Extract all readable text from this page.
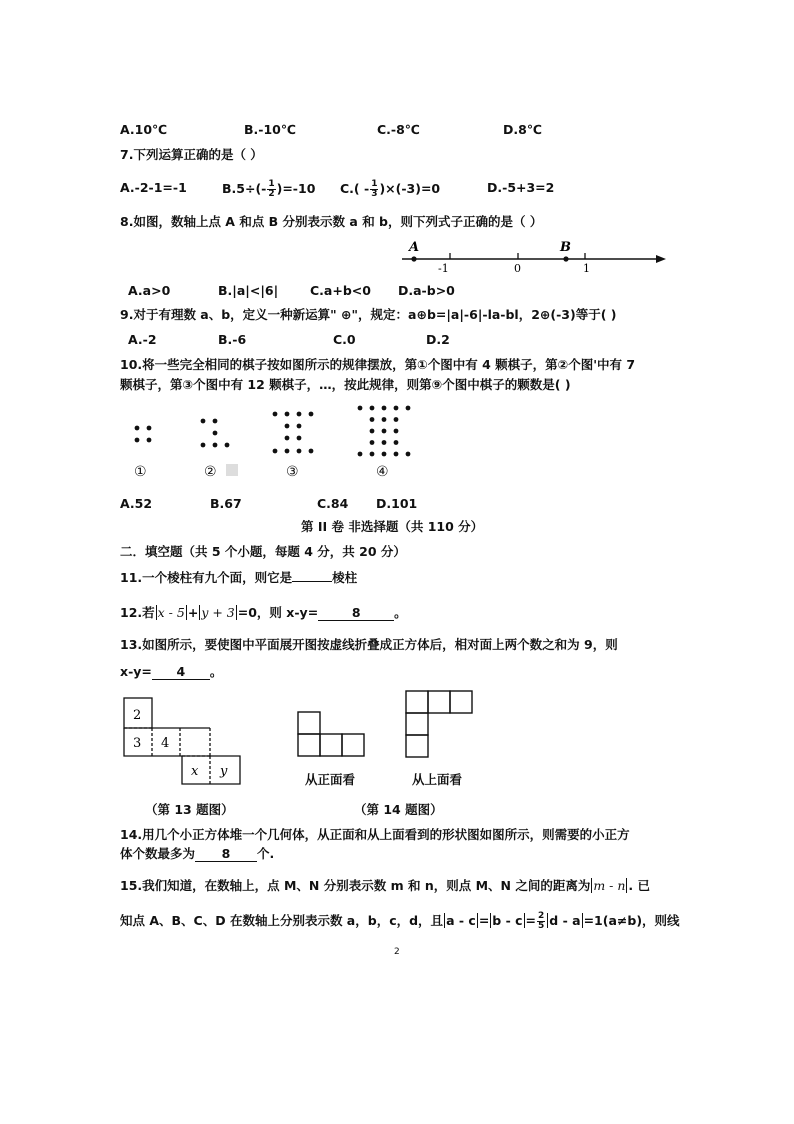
A.10℃	B.-10℃	C.-8℃	D.8℃
7.下列运算正确的是（ ）
A.-2-1=-1	$B.5\div(- \frac{1}{2} )=-10$ $C.( - \frac{1}{3} )\times(-3)=0$	D.-5+3=2
8.如图，数轴上点 A 和点 B 分别表示数 a 和 b，则下列式子正确的是（ ）
A	B
-1	0	1
A.a>0	B.|a|<|6|	C.a+b<0 D.a-b>0
9.对于有理数 a、b，定义一种新运算" ⊕"，规定：a⊕b=|a|-6|-la-bl，2⊕(-3)等于( )
A.-2	B.-6	C.0	D.2
10.将一些完全相同的棋子按如图所示的规律摆放，第①个图中有 4 颗棋子，第②个图'中有 7
颗棋子，第③个图中有 12 颗棋子，…，按此规律，则第⑨个图中棋子的颗数是( )
①	②	③	④
A.52	B.67	C.84 D.101
第 II 卷 非选择题（共 110 分）
二．填空题（共 5 个小题，每题 4 分，共 20 分）
11.一个棱柱有九个面，则它是	棱柱
12.若 x - 5 + y + 3 =0，则 x-y=	8	。
13.如图所示，要使图中平面展开图按虚线折叠成正方体后，相对面上两个数之和为 9，则
x-y= 4 。
2
3 4
x y
从正面看	从上面看
（第 13 题图）	（第 14 题图）
14.用几个小正方体堆一个几何体，从正面和从上面看到的形状图如图所示，则需要的小正方
体个数最多为 8 个.
15.我们知道，在数轴上，点 M、N 分别表示数 m 和 n，则点 M、N 之间的距离为 m - n . 已
知点 A、B、C、D 在数轴上分别表示数 a，b，c，d，且 $a - c = b - c = \frac{2}{5}$ d - a =1(a≠b)，则线
2
